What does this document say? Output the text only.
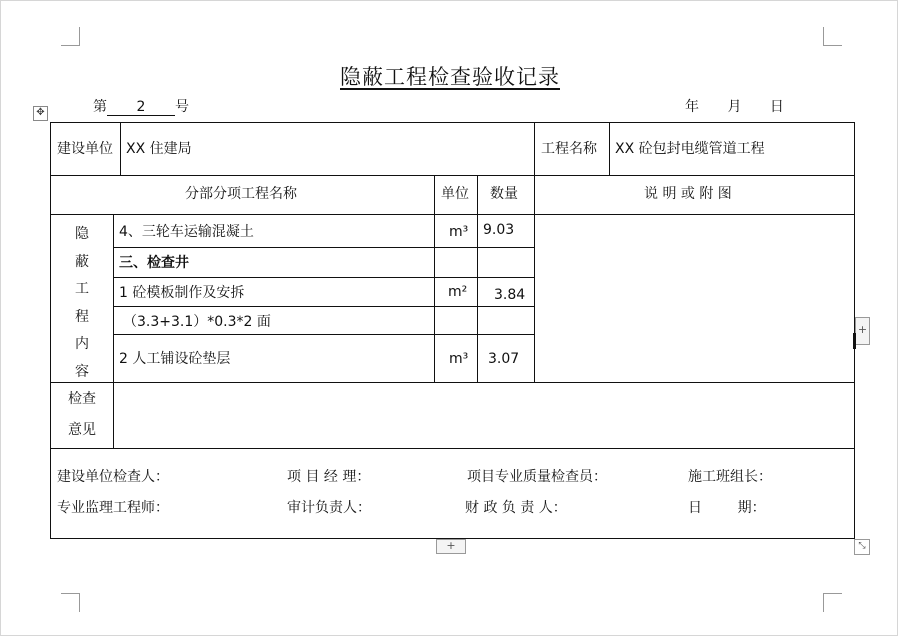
隐蔽工程检查验收记录
第 2 号	年 月 日
✥
建设单位 XX 住建局	工程名称 XX 砼包封电缆管道工程
分部分项工程名称	单位 数量	说 明 或 附 图
隐
蔽
工
程
内
容
4、三轮车运输混凝土	m³ 9.03
三、检查井
1 砼模板制作及安拆	m² 3.84
（3.3+3.1）*0.3*2 面
2 人工铺设砼垫层	m³ 3.07
检查
意见
建设单位检查人：	项 目 经 理：	项目专业质量检查员：	施工班组长：
专业监理工程师：	审计负责人：	财 政 负 责 人：	日        期：
+
+	⤡
